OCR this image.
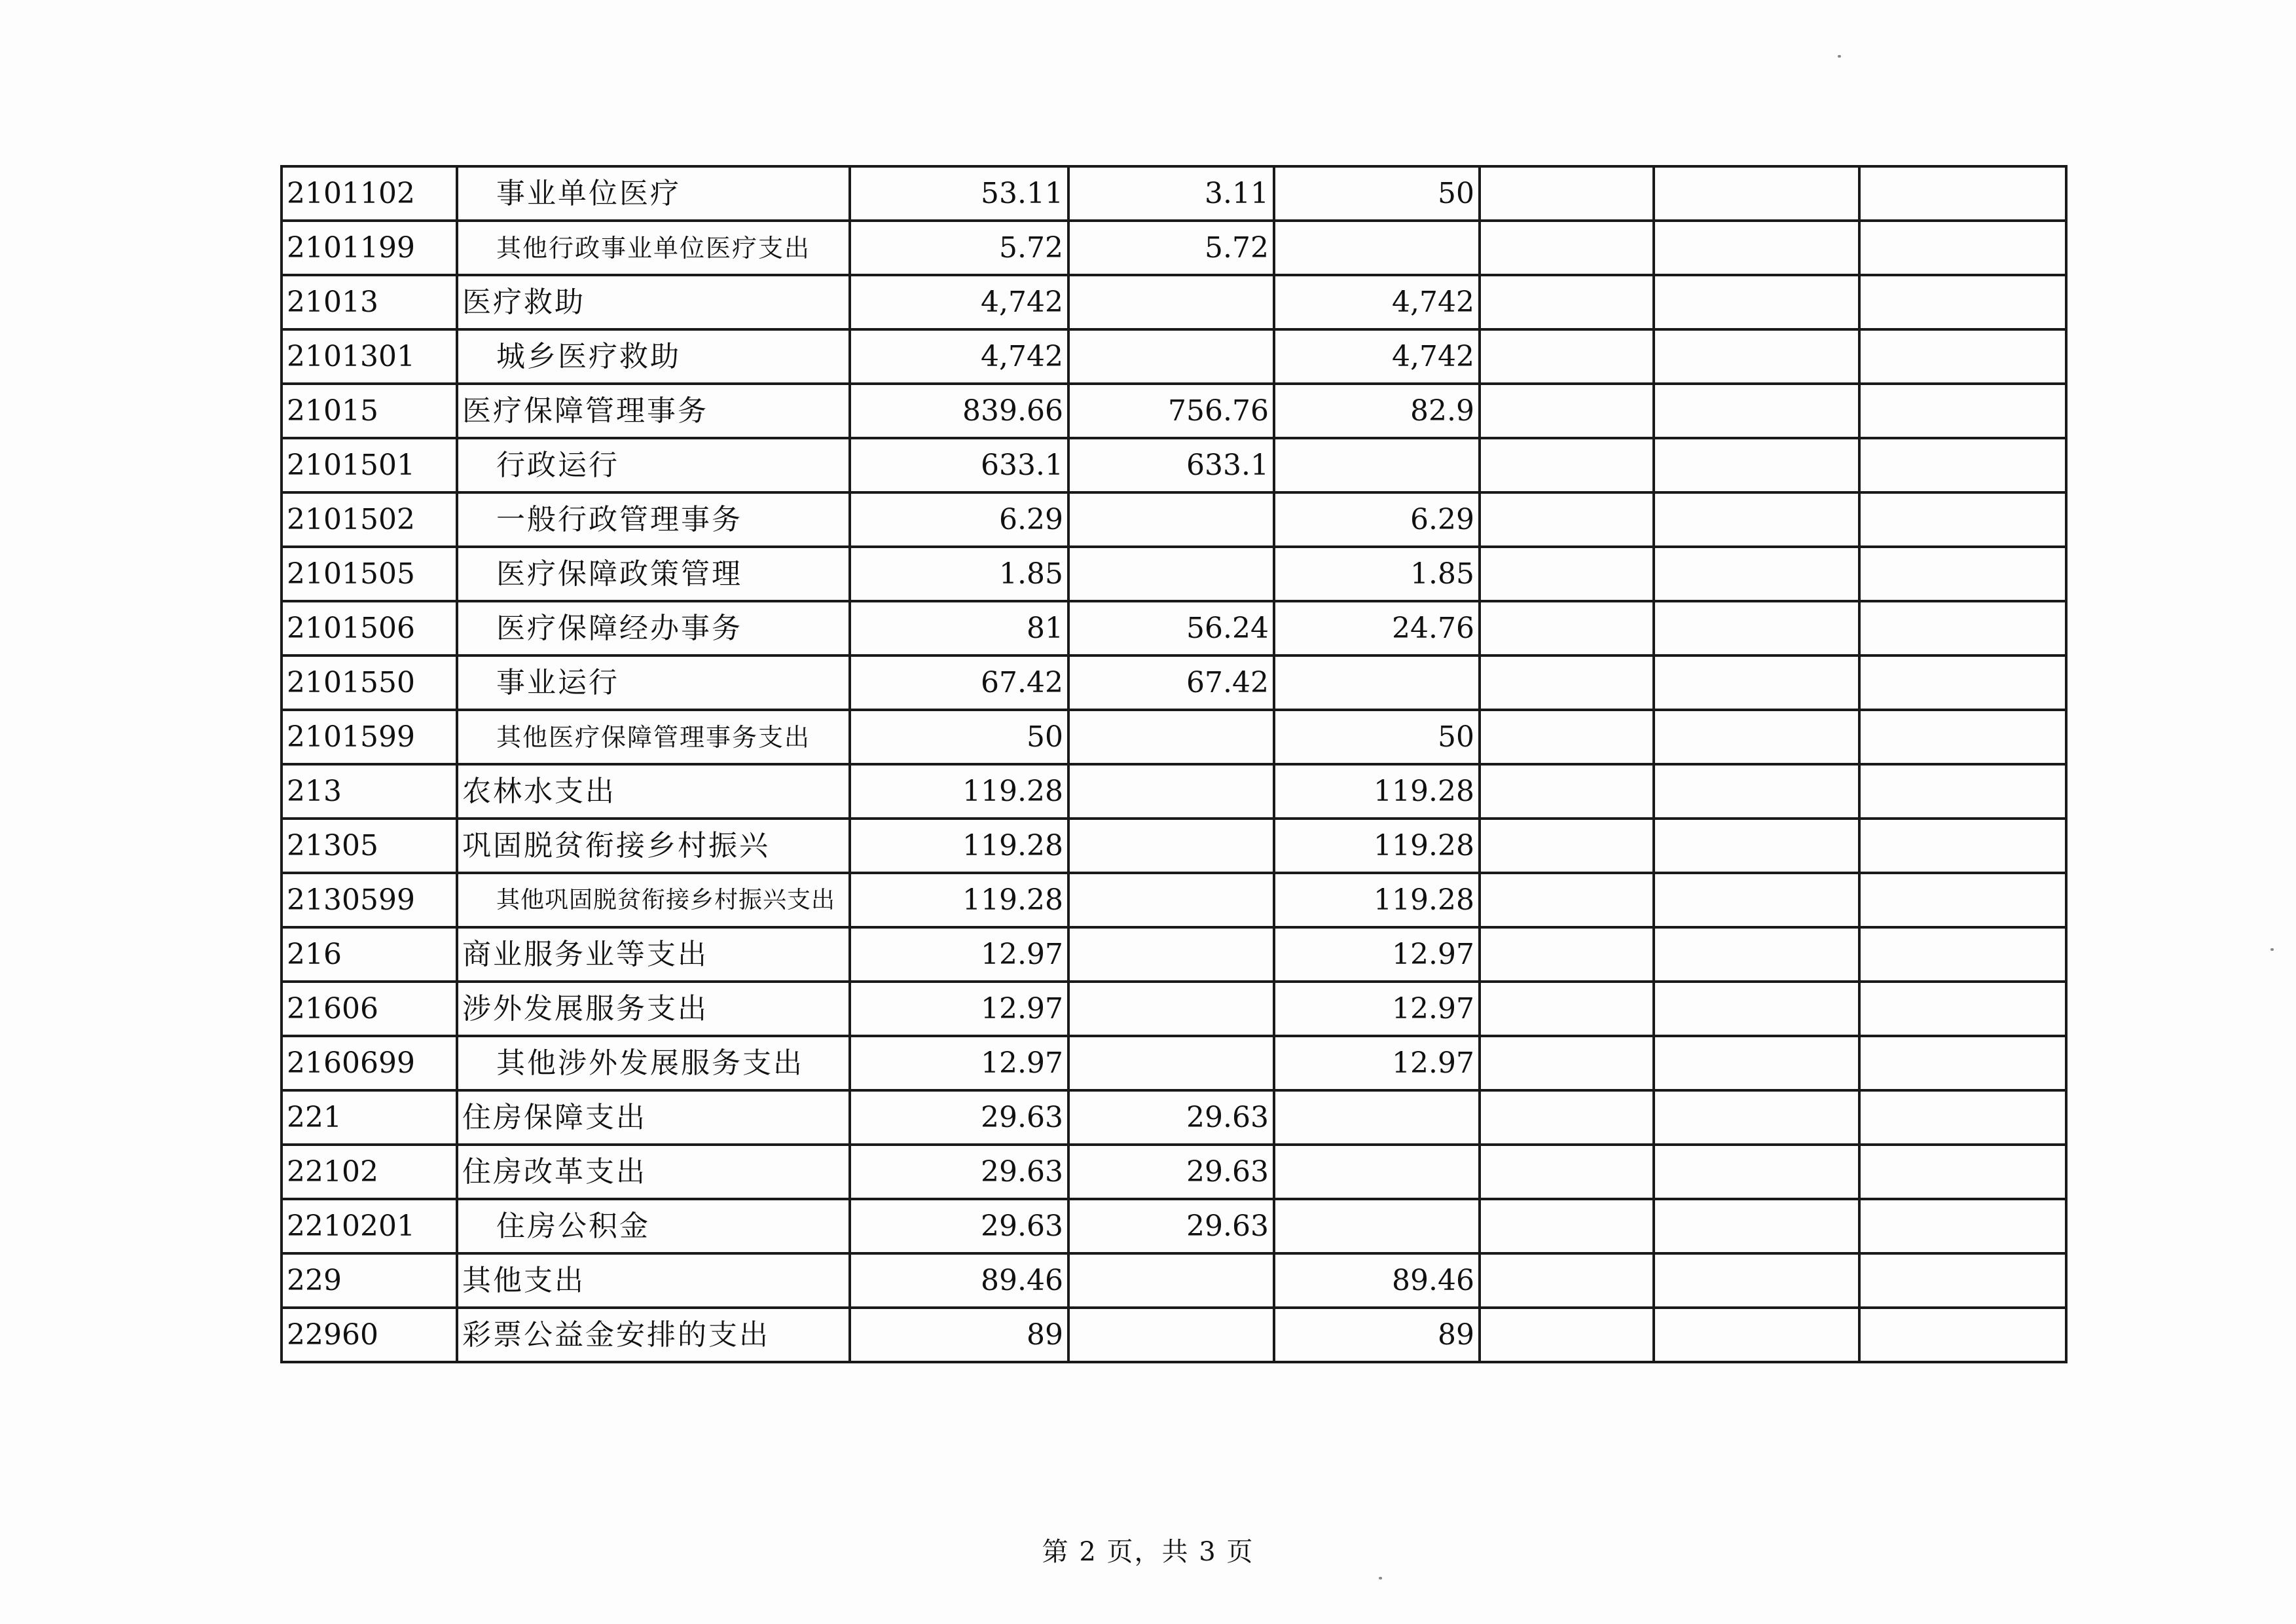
2101102	事业单位医疗	53.11	3.11	50			
2101199	其他行政事业单位医疗支出	5.72	5.72				
21013	医疗救助	4,742		4,742			
2101301	城乡医疗救助	4,742		4,742			
21015	医疗保障管理事务	839.66	756.76	82.9			
2101501	行政运行	633.1	633.1				
2101502	一般行政管理事务	6.29		6.29			
2101505	医疗保障政策管理	1.85		1.85			
2101506	医疗保障经办事务	81	56.24	24.76			
2101550	事业运行	67.42	67.42				
2101599	其他医疗保障管理事务支出	50		50			
213	农林水支出	119.28		119.28			
21305	巩固脱贫衔接乡村振兴	119.28		119.28			
2130599	其他巩固脱贫衔接乡村振兴支出	119.28		119.28			
216	商业服务业等支出	12.97		12.97			
21606	涉外发展服务支出	12.97		12.97			
2160699	其他涉外发展服务支出	12.97		12.97			
221	住房保障支出	29.63	29.63				
22102	住房改革支出	29.63	29.63				
2210201	住房公积金	29.63	29.63				
229	其他支出	89.46		89.46			
22960	彩票公益金安排的支出	89		89			
第 2 页，共 3 页
